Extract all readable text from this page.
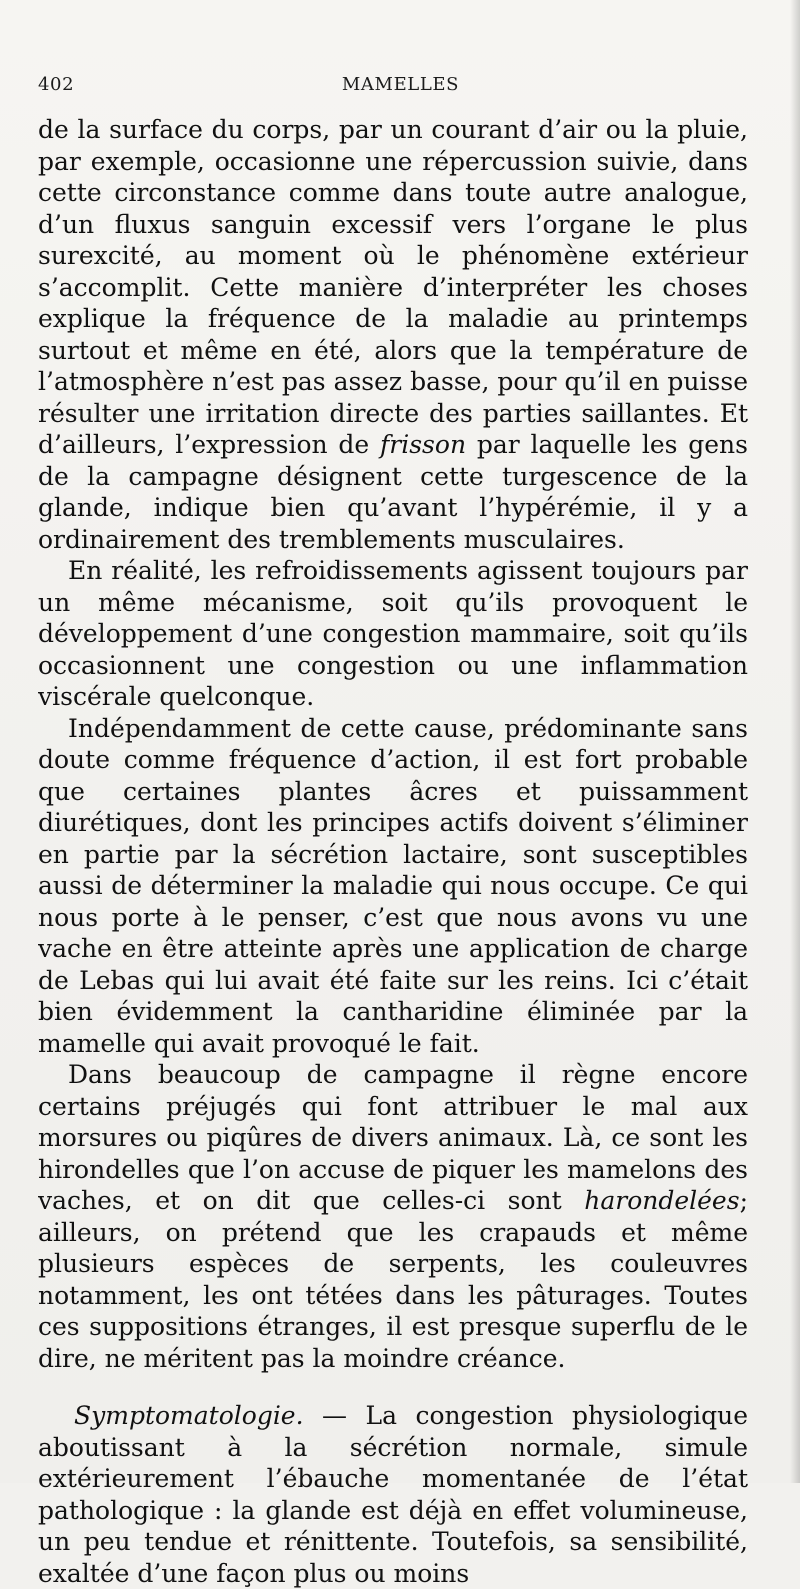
402	MAMELLES

de la surface du corps, par un courant d’air ou la pluie, par exemple, occasionne une répercussion suivie, dans cette circonstance comme dans toute autre analogue, d’un fluxus sanguin excessif vers l’organe le plus surexcité, au moment où le phénomène extérieur s’accomplit. Cette manière d’interpréter les choses explique la fréquence de la maladie au printemps surtout et même en été, alors que la température de l’atmosphère n’est pas assez basse, pour qu’il en puisse résulter une irritation directe des parties saillantes. Et d’ailleurs, l’expression de frisson par laquelle les gens de la campagne désignent cette turgescence de la glande, indique bien qu’avant l’hypérémie, il y a ordinairement des tremblements musculaires.

En réalité, les refroidissements agissent toujours par un même mécanisme, soit qu’ils provoquent le développement d’une congestion mammaire, soit qu’ils occasionnent une congestion ou une inflammation viscérale quelconque.

Indépendamment de cette cause, prédominante sans doute comme fréquence d’action, il est fort probable que certaines plantes âcres et puissamment diurétiques, dont les principes actifs doivent s’éliminer en partie par la sécrétion lactaire, sont susceptibles aussi de déterminer la maladie qui nous occupe. Ce qui nous porte à le penser, c’est que nous avons vu une vache en être atteinte après une application de charge de Lebas qui lui avait été faite sur les reins. Ici c’était bien évidemment la cantharidine éliminée par la mamelle qui avait provoqué le fait.

Dans beaucoup de campagne il règne encore certains préjugés qui font attribuer le mal aux morsures ou piqûres de divers animaux. Là, ce sont les hirondelles que l’on accuse de piquer les mamelons des vaches, et on dit que celles-ci sont harondelées; ailleurs, on prétend que les crapauds et même plusieurs espèces de serpents, les couleuvres notamment, les ont tétées dans les pâturages. Toutes ces suppositions étranges, il est presque superflu de le dire, ne méritent pas la moindre créance.

Symptomatologie. — La congestion physiologique aboutissant à la sécrétion normale, simule extérieurement l’ébauche momentanée de l’état pathologique : la glande est déjà en effet volumineuse, un peu tendue et rénittente. Toutefois, sa sensibilité, exaltée d’une façon plus ou moins
